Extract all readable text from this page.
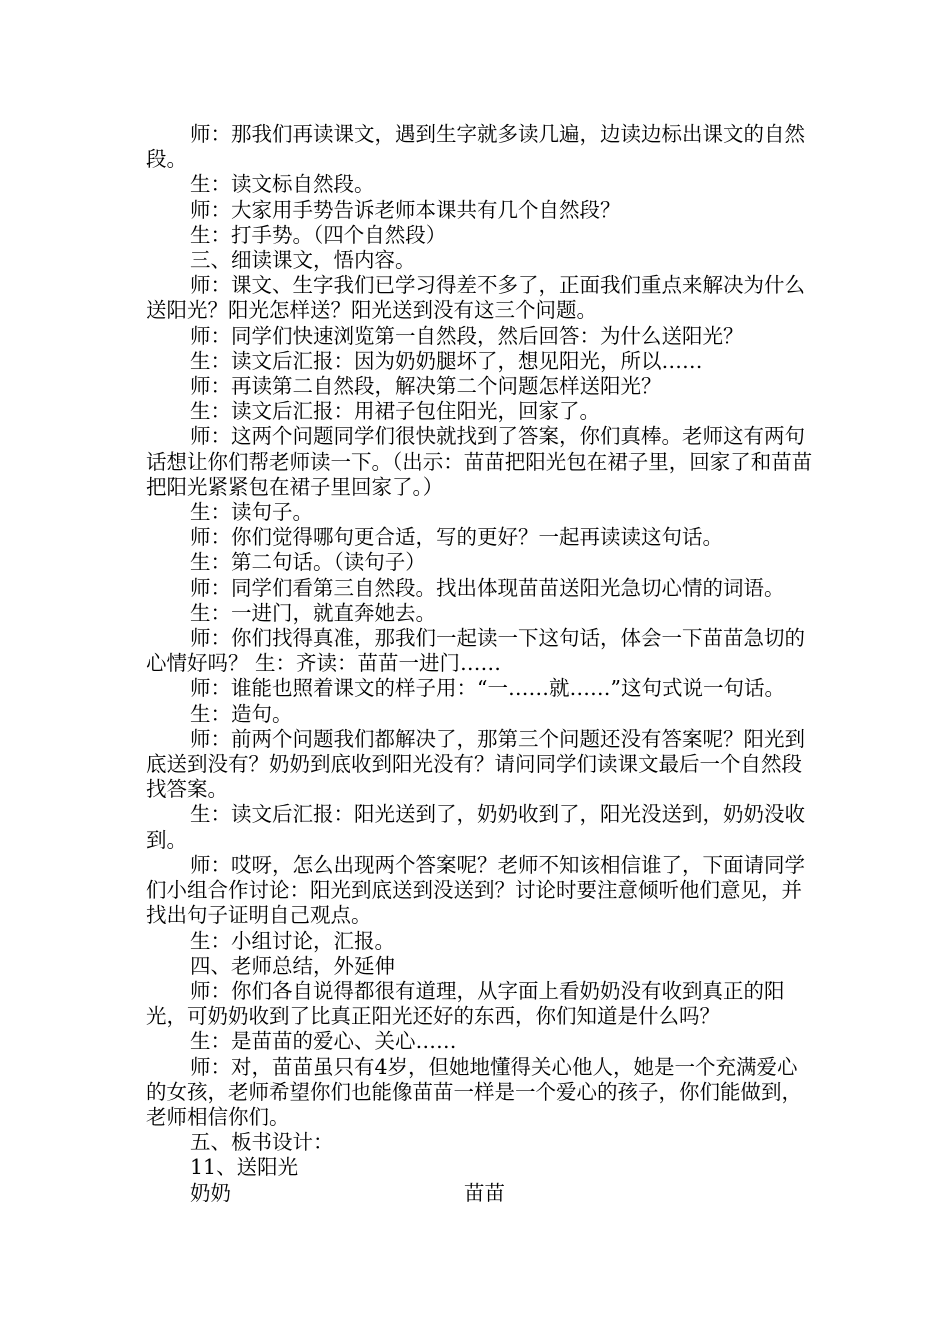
师：那我们再读课文，遇到生字就多读几遍，边读边标出课文的自然段。

生：读文标自然段。

师：大家用手势告诉老师本课共有几个自然段？

生：打手势。（四个自然段）

三、细读课文，悟内容。

师：课文、生字我们已学习得差不多了，正面我们重点来解决为什么送阳光？阳光怎样送？阳光送到没有这三个问题。

师：同学们快速浏览第一自然段，然后回答：为什么送阳光？

生：读文后汇报：因为奶奶腿坏了，想见阳光，所以……

师：再读第二自然段，解决第二个问题怎样送阳光？

生：读文后汇报：用裙子包住阳光，回家了。

师：这两个问题同学们很快就找到了答案，你们真棒。老师这有两句话想让你们帮老师读一下。（出示：苗苗把阳光包在裙子里，回家了和苗苗把阳光紧紧包在裙子里回家了。）

生：读句子。

师：你们觉得哪句更合适，写的更好？一起再读读这句话。

生：第二句话。（读句子）

师：同学们看第三自然段。找出体现苗苗送阳光急切心情的词语。

生：一进门，就直奔她去。

师：你们找得真准，那我们一起读一下这句话，体会一下苗苗急切的心情好吗？ 生：齐读：苗苗一进门……

师：谁能也照着课文的样子用：“一……就……”这句式说一句话。

生：造句。

师：前两个问题我们都解决了，那第三个问题还没有答案呢？阳光到底送到没有？奶奶到底收到阳光没有？请问同学们读课文最后一个自然段找答案。

生：读文后汇报：阳光送到了，奶奶收到了，阳光没送到，奶奶没收到。

师：哎呀，怎么出现两个答案呢？老师不知该相信谁了，下面请同学们小组合作讨论：阳光到底送到没送到？讨论时要注意倾听他们意见，并找出句子证明自己观点。

生：小组讨论，汇报。

四、老师总结，外延伸

师：你们各自说得都很有道理，从字面上看奶奶没有收到真正的阳光，可奶奶收到了比真正阳光还好的东西，你们知道是什么吗？

生：是苗苗的爱心、关心……

师：对，苗苗虽只有4岁，但她地懂得关心他人，她是一个充满爱心的女孩，老师希望你们也能像苗苗一样是一个爱心的孩子，你们能做到，老师相信你们。

五、板书设计：

11、送阳光

奶奶	苗苗
